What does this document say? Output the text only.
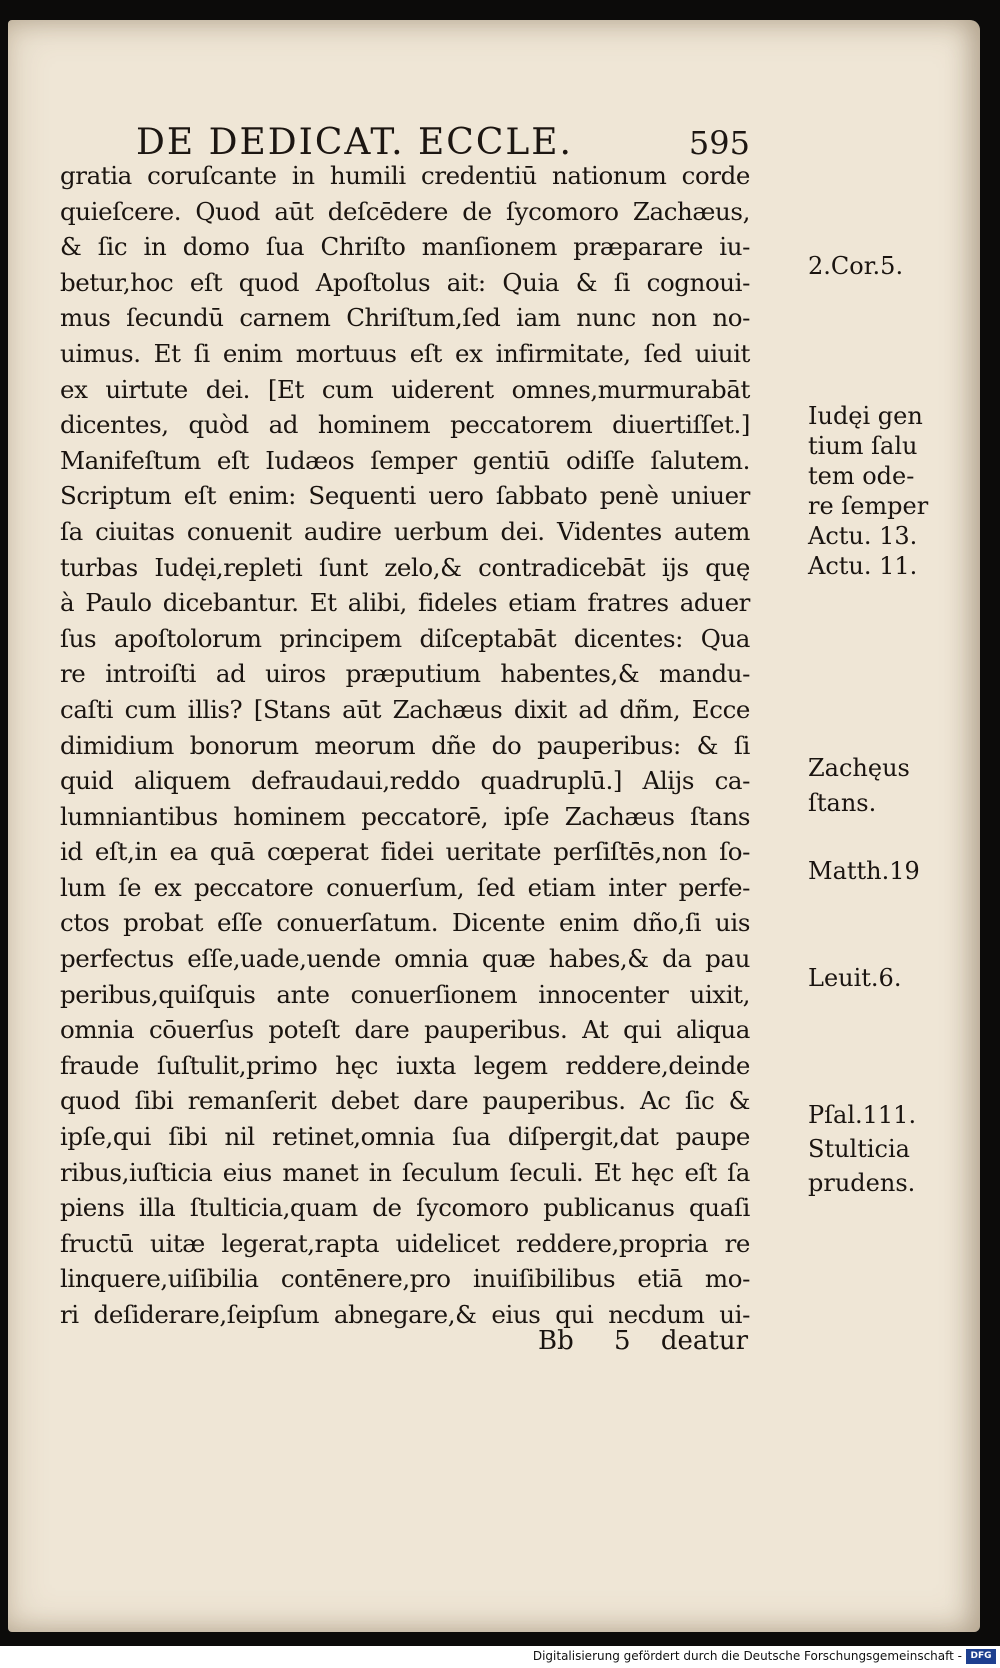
DE DEDICAT. ECCLE.	595
gratia coruſcante in humili credentiū nationum corde
quieſcere. Quod aūt deſcēdere de ſycomoro Zachæus,
& ſic in domo ſua Chriſto manſionem præparare iu-
betur,hoc eſt quod Apoſtolus ait: Quia & ſi cognoui-
mus ſecundū carnem Chriſtum,ſed iam nunc non no-
uimus. Et ſi enim mortuus eſt ex infirmitate, ſed uiuit
ex uirtute dei. [Et cum uiderent omnes,murmurabāt
dicentes, quòd ad hominem peccatorem diuertiſſet.]
Manifeſtum eſt Iudæos ſemper gentiū odiſſe ſalutem.
Scriptum eſt enim: Sequenti uero ſabbato penè uniuer
ſa ciuitas conuenit audire uerbum dei. Videntes autem
turbas Iudęi,repleti ſunt zelo,& contradicebāt ijs quę
à Paulo dicebantur. Et alibi, fideles etiam fratres aduer
ſus apoſtolorum principem diſceptabāt dicentes: Qua
re introiſti ad uiros præputium habentes,& mandu-
caſti cum illis? [Stans aūt Zachæus dixit ad dñm, Ecce
dimidium bonorum meorum dñe do pauperibus: & ſi
quid aliquem defraudaui,reddo quadruplū.] Alijs ca-
lumniantibus hominem peccatorē, ipſe Zachæus ſtans
id eſt,in ea quā cœperat fidei ueritate perſiſtēs,non ſo-
lum ſe ex peccatore conuerſum, ſed etiam inter perfe-
ctos probat eſſe conuerſatum. Dicente enim dño,ſi uis
perfectus eſſe,uade,uende omnia quæ habes,& da pau
peribus,quiſquis ante conuerſionem innocenter uixit,
omnia cōuerſus poteſt dare pauperibus. At qui aliqua
fraude ſuſtulit,primo hęc iuxta legem reddere,deinde
quod ſibi remanſerit debet dare pauperibus. Ac ſic &
ipſe,qui ſibi nil retinet,omnia ſua diſpergit,dat paupe
ribus,iuſticia eius manet in ſeculum ſeculi. Et hęc eſt ſa
piens illa ſtulticia,quam de ſycomoro publicanus quaſi
fructū uitæ legerat,rapta uidelicet reddere,propria re
linquere,uiſibilia contēnere,pro inuiſibilibus etiā mo-
ri deſiderare,ſeipſum abnegare,& eius qui necdum ui-
2.Cor.5.
Iudęi gen
tium ſalu
tem ode-
re ſemper
Actu. 13.
Actu. 11.
Zachęus
ſtans.
Matth.19
Leuit.6.
Pſal.111.
Stulticia
prudens.
Bb 5 deatur
Digitalisierung gefördert durch die Deutsche Forschungsgemeinschaft - DFG
